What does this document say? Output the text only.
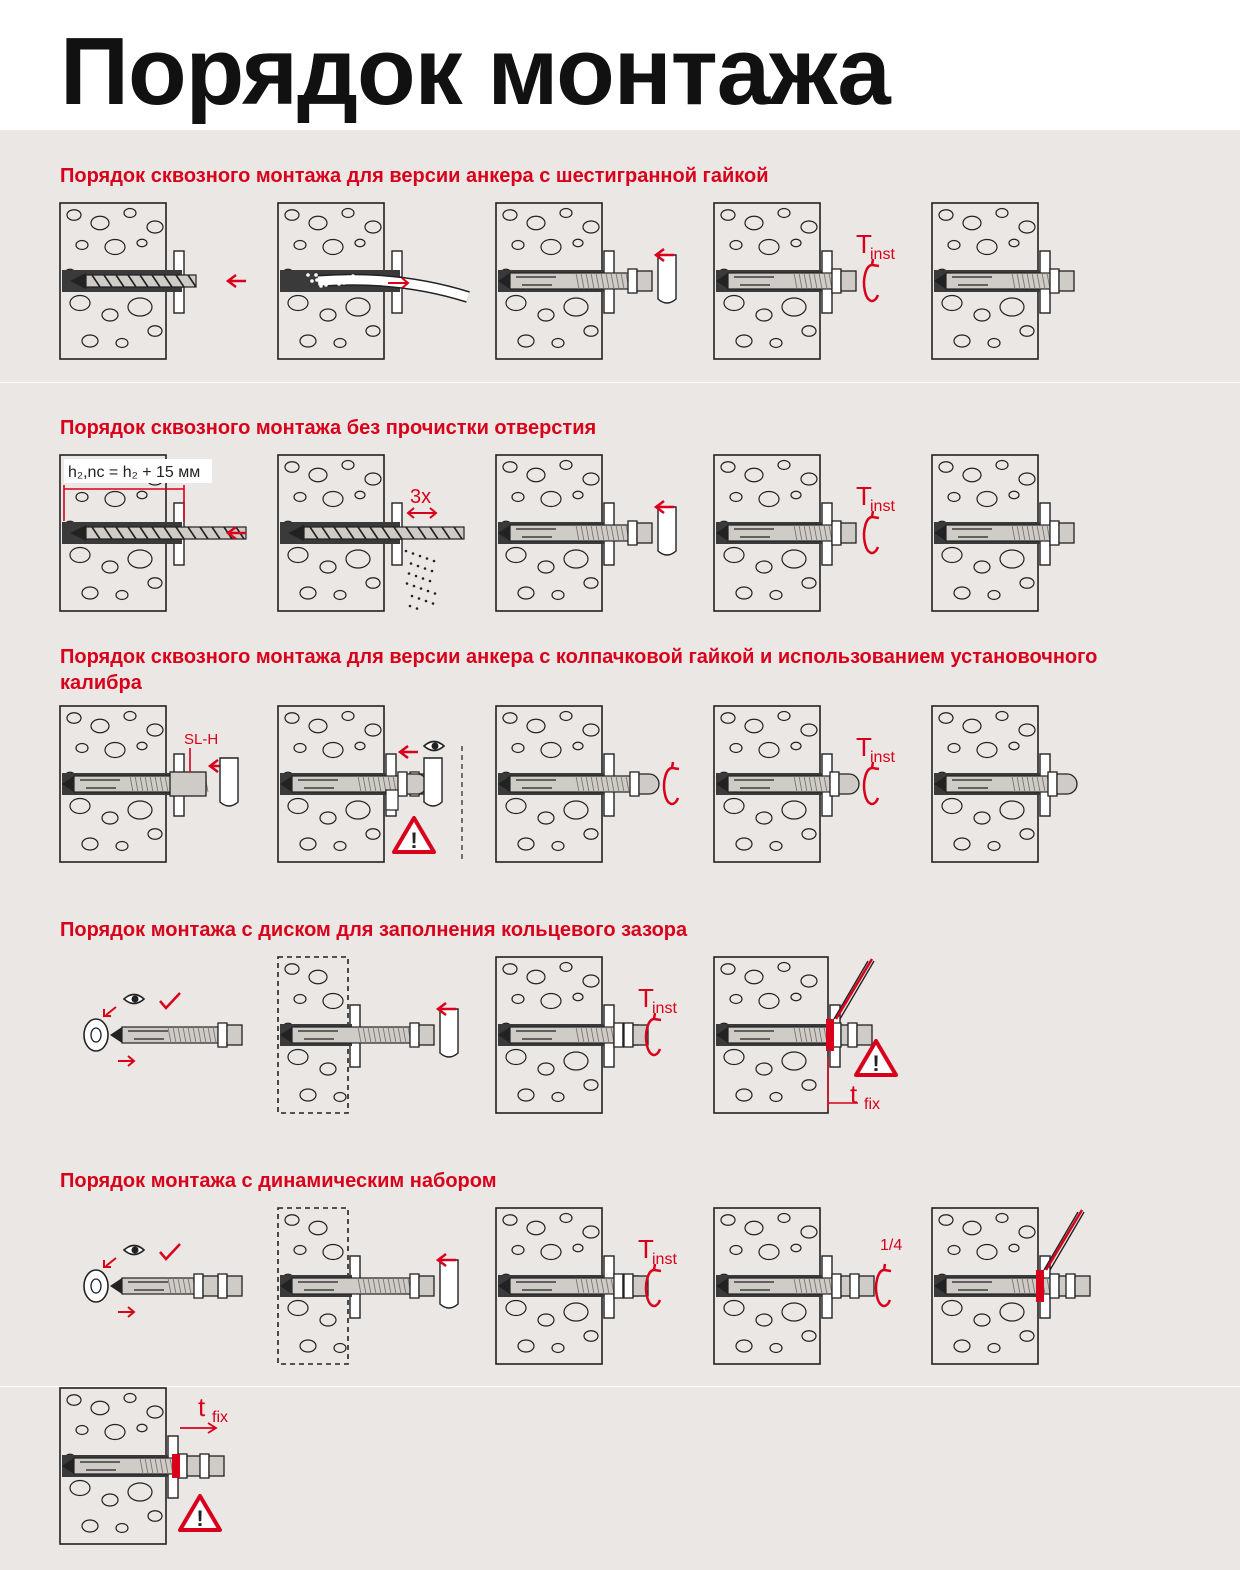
Порядок монтажа
Порядок сквозного монтажа для версии анкера с шестигранной гайкой
Порядок сквозного монтажа без прочистки отверстия
Порядок сквозного монтажа для версии анкера с колпачковой гайкой и использованием установочного калибра
Порядок монтажа с диском для заполнения кольцевого зазора
Порядок монтажа с динамическим набором
T
inst
h₂,nc = h₂ + 15 мм
3x	T
inst
SL-H
!
T
inst
T
inst
!
t fix
T
inst
1/4
t fix
!
